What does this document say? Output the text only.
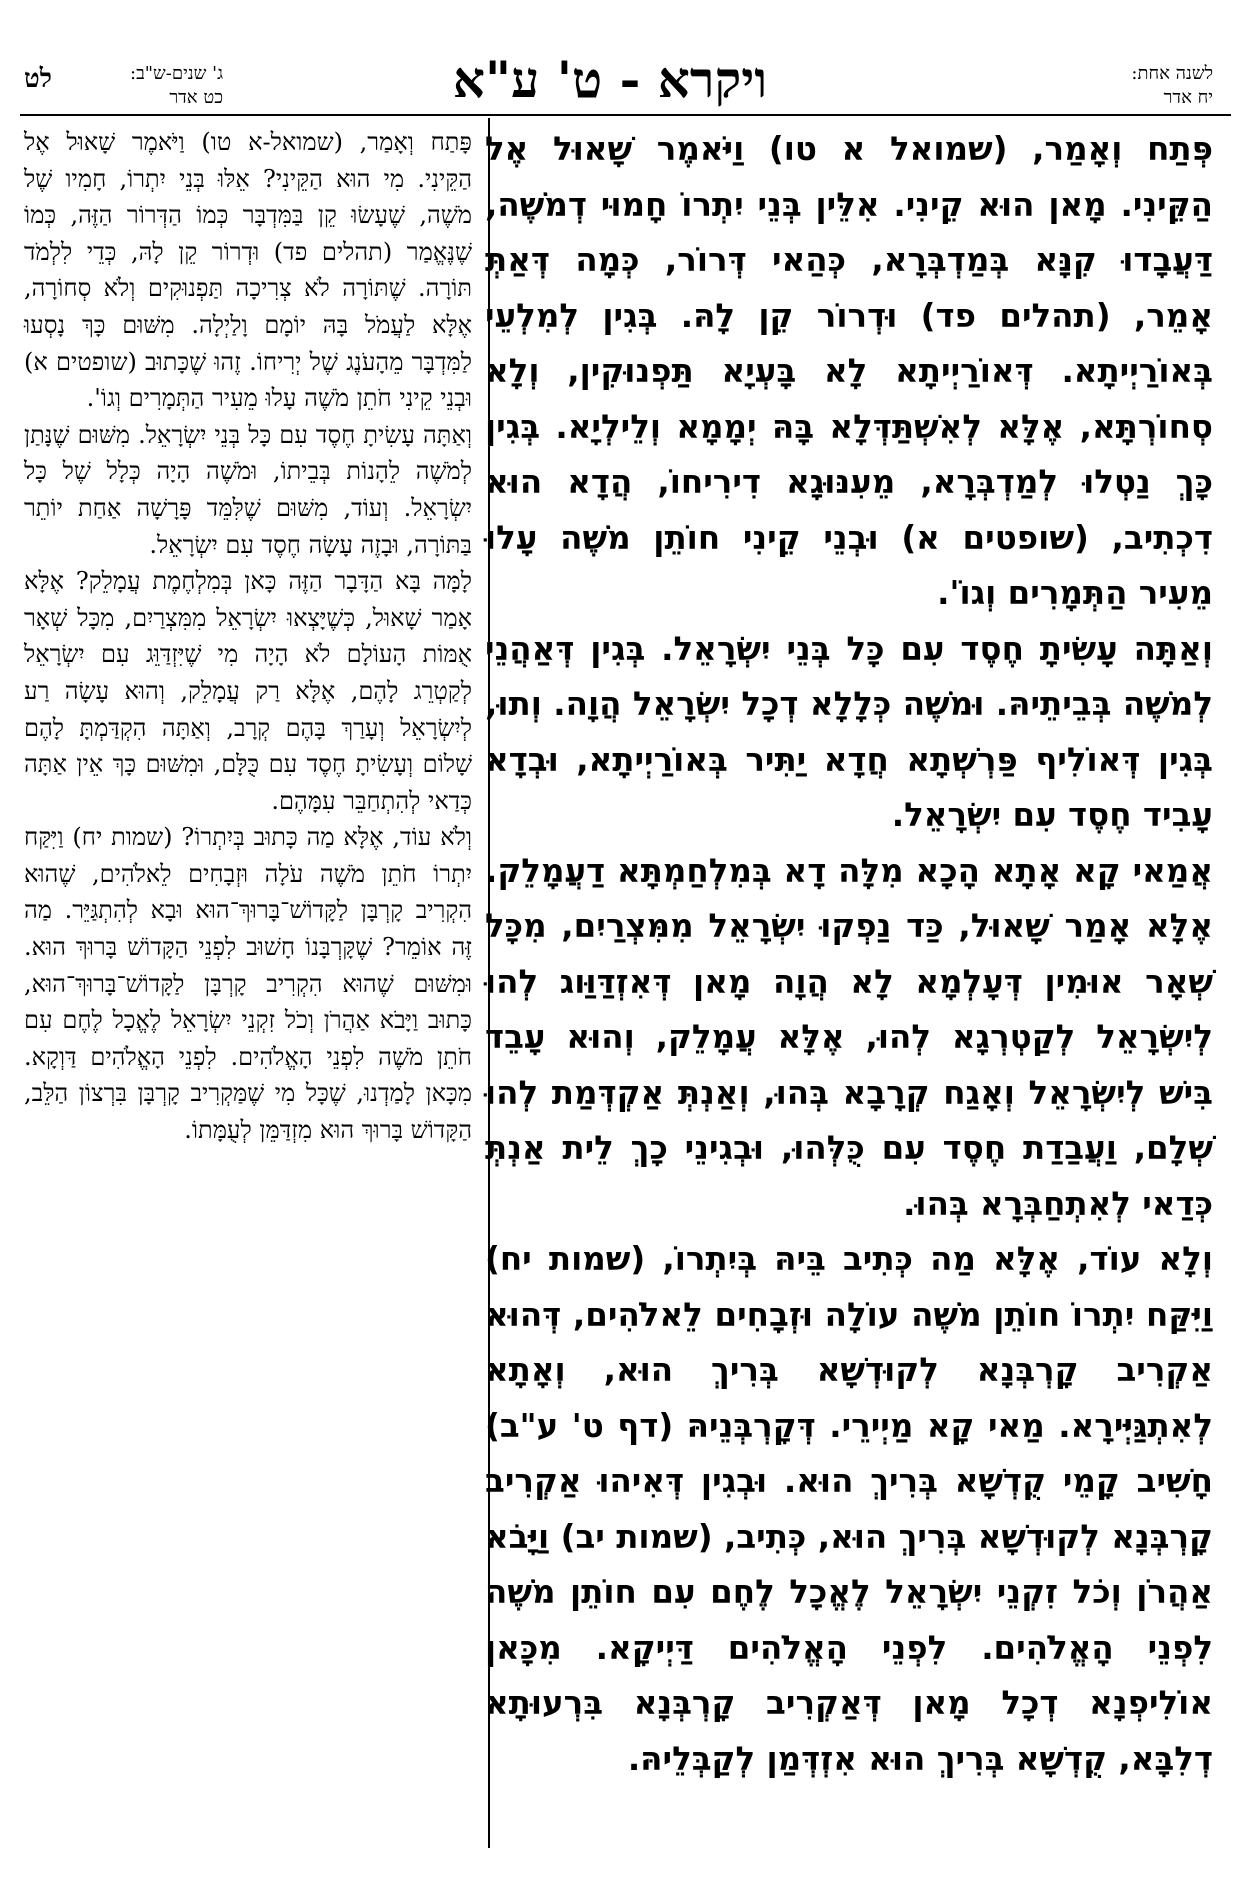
לשנה אחת:
יח אדר
ויקרא - ט' ע"א
ג' שנים-ש"ב:
כט אדר
לט

פְּתַח וְאָמַר, (שמואל א טו) וַיֹּאמֶר שָׁאוּל אֶל הַקֵּינִי. מָאן הוּא קֵינִי. אִלֵּין בְּנֵי יִתְרוֹ חָמוּי דְמֹשֶׁה, דַּעֲבָדוּ קִנָּא בְּמַדְבְּרָא, כְּהַאי דְּרוֹר, כְּמָה דְּאַתְּ אָמֵר, (תהלים פד) וּדְרוֹר קֵן לָהּ. בְּגִין לְמִלְעֵי בְּאוֹרַיְיתָא. דְּאוֹרַיְיתָא לָא בָּעְיָא תַּפְנוּקִין, וְלָא סְחוֹרְתָּא, אֶלָּא לְאִשְׁתַּדְּלָא בָּהּ יְמָמָא וְלֵילְיָא. בְּגִין כָּךְ נַטְלוּ לְמַדְבְּרָא, מֵעִנּוּגָא דִירִיחוֹ, הֲדָא הוּא דִכְתִיב, (שופטים א) וּבְנֵי קֵינִי חוֹתֵן מֹשֶׁה עָלוּ מֵעִיר הַתְּמָרִים וְגוֹ'.

וְאַתָּה עָשִׂיתָ חֶסֶד עִם כָּל בְּנֵי יִשְׂרָאֵל. בְּגִין דְּאַהֲנֵי לְמֹשֶׁה בְּבֵיתֵיהּ. וּמֹשֶׁה כְּלָלָא דְכָל יִשְׂרָאֵל הֲוָה. וְתוּ, בְּגִין דְּאוֹלִיף פַּרְשְׁתָא חֲדָא יַתִּיר בְּאוֹרַיְיתָא, וּבְדָא עָבִיד חֶסֶד עִם יִשְׂרָאֵל.

אֲמַאי קָא אָתָא הָכָא מִלָּה דָא בְּמִלְחַמְתָּא דַעֲמָלֵק. אֶלָּא אָמַר שָׁאוּל, כַּד נַפְקוּ יִשְׂרָאֵל מִמִּצְרַיִם, מִכָּל שְׁאָר אוּמִין דְּעָלְמָא לָא הֲוָה מָאן דְּאִזְדַּוַּוג לְהוּ לְיִשְׂרָאֵל לְקַטְרְגָא לְהוּ, אֶלָּא עֲמָלֵק, וְהוּא עָבֵד בִּישׁ לְיִשְׂרָאֵל וְאָגַח קְרָבָא בְּהוּ, וְאַנְתְּ אַקְדְּמַת לְהוּ שְׁלָם, וַעֲבַדַת חֶסֶד עִם כֻּלְּהוּ, וּבְגִינֵי כָךְ לֵית אַנְתְּ כְּדַאי לְאִתְחַבְּרָא בְּהוּ.

וְלָא עוֹד, אֶלָּא מַה כְּתִיב בֵּיהּ בְּיִתְרוֹ, (שמות יח) וַיִּקַּח יִתְרוֹ חוֹתֵן מֹשֶׁה עוֹלָה וּזְבָחִים לֵאלֹהִים, דְּהוּא אַקְרִיב קָרְבְּנָא לְקוּדְשָׁא בְּרִיךְ הוּא, וְאָתָא לְאִתְגַּיְּירָא. מַאי קָא מַיְירֵי. דְּקָרְבְּנֵיהּ (דף ט' ע"ב) חָשִׁיב קָמֵי קֻדְשָׁא בְּרִיךְ הוּא. וּבְגִין דְּאִיהוּ אַקְרִיב קָרְבְּנָא לְקוּדְשָׁא בְּרִיךְ הוּא, כְּתִיב, (שמות יב) וַיָּבֹא אַהֲרֹן וְכֹל זִקְנֵי יִשְׂרָאֵל לֶאֱכָל לֶחֶם עִם חוֹתֵן מֹשֶׁה לִפְנֵי הָאֱלֹהִים. לִפְנֵי הָאֱלֹהִים דַּיְיקָא. מִכָּאן אוֹלִיפְנָא דְכָל מָאן דְּאַקְרִיב קָרְבְּנָא בִּרְעוּתָא דְלִבָּא, קֻדְשָׁא בְּרִיךְ הוּא אִזְדְּמַן לְקַבְּלֵיהּ.

פָּתַח וְאָמַר, (שמואל-א טו) וַיֹּאמֶר שָׁאוּל אֶל הַקֵּינִי. מִי הוּא הַקֵּינִי? אֵלּוּ בְּנֵי יִתְרוֹ, חָמִיו שֶׁל מֹשֶׁה, שֶׁעָשׂוּ קֵן בַּמִּדְבָּר כְּמוֹ הַדְּרוֹר הַזֶּה, כְּמוֹ שֶׁנֶּאֱמַר (תהלים פד) וּדְרוֹר קֵן לָהּ, כְּדֵי לִלְמֹד תּוֹרָה. שֶׁתּוֹרָה לֹא צְרִיכָה תַּפְנוּקִים וְלֹא סְחוֹרָה, אֶלָּא לַעֲמֹל בָּהּ יוֹמָם וָלַיְלָה. מִשּׁוּם כָּךְ נָסְעוּ לַמִּדְבָּר מֵהָעֹנֶג שֶׁל יְרִיחוֹ. זֶהוּ שֶׁכָּתוּב (שופטים א) וּבְנֵי קֵינִי חֹתֵן מֹשֶׁה עָלוּ מֵעִיר הַתְּמָרִים וְגוֹ'.

וְאַתָּה עָשִׂיתָ חֶסֶד עִם כָּל בְּנֵי יִשְׂרָאֵל. מִשּׁוּם שֶׁנָּתַן לְמֹשֶׁה לֵהָנוֹת בְּבֵיתוֹ, וּמֹשֶׁה הָיָה כְּלָל שֶׁל כָּל יִשְׂרָאֵל. וְעוֹד, מִשּׁוּם שֶׁלִּמֵּד פָּרָשָׁה אַחַת יוֹתֵר בַּתּוֹרָה, וּבָזֶה עָשָׂה חֶסֶד עִם יִשְׂרָאֵל.

לָמָּה בָּא הַדָּבָר הַזֶּה כָּאן בְּמִלְחֶמֶת עֲמָלֵק? אֶלָּא אָמַר שָׁאוּל, כְּשֶׁיָּצְאוּ יִשְׂרָאֵל מִמִּצְרַיִם, מִכָּל שְׁאָר אֻמּוֹת הָעוֹלָם לֹא הָיָה מִי שֶׁיִּזְדַּוֵּג עִם יִשְׂרָאֵל לְקַטְרֵג לָהֶם, אֶלָּא רַק עֲמָלֵק, וְהוּא עָשָׂה רַע לְיִשְׂרָאֵל וְעָרַךְ בָּהֶם קְרָב, וְאַתָּה הִקְדַּמְתָּ לָהֶם שָׁלוֹם וְעָשִׂיתָ חֶסֶד עִם כֻּלָּם, וּמִשּׁוּם כָּךְ אֵין אַתָּה כְּדַאי לְהִתְחַבֵּר עִמָּהֶם.

וְלֹא עוֹד, אֶלָּא מַה כָּתוּב בְּיִתְרוֹ? (שמות יח) וַיִּקַּח יִתְרוֹ חֹתֵן מֹשֶׁה עֹלָה וּזְבָחִים לֵאלֹהִים, שֶׁהוּא הִקְרִיב קָרְבָּן לַקָּדוֹשׁ־בָּרוּךְ־הוּא וּבָא לְהִתְגַּיֵּר. מַה זֶּה אוֹמֵר? שֶׁקָּרְבָּנוֹ חָשׁוּב לִפְנֵי הַקָּדוֹשׁ בָּרוּךְ הוּא. וּמִשּׁוּם שֶׁהוּא הִקְרִיב קָרְבָּן לַקָּדוֹשׁ־בָּרוּךְ־הוּא, כָּתוּב וַיָּבֹא אַהֲרֹן וְכֹל זִקְנֵי יִשְׂרָאֵל לֶאֱכָל לֶחֶם עִם חֹתֵן מֹשֶׁה לִפְנֵי הָאֱלֹהִים. לִפְנֵי הָאֱלֹהִים דַּוְקָא. מִכָּאן לָמַדְנוּ, שֶׁכָּל מִי שֶׁמַּקְרִיב קָרְבָּן בִּרְצוֹן הַלֵּב, הַקָּדוֹשׁ בָּרוּךְ הוּא מִזְדַּמֵּן לְעֻמָּתוֹ.
